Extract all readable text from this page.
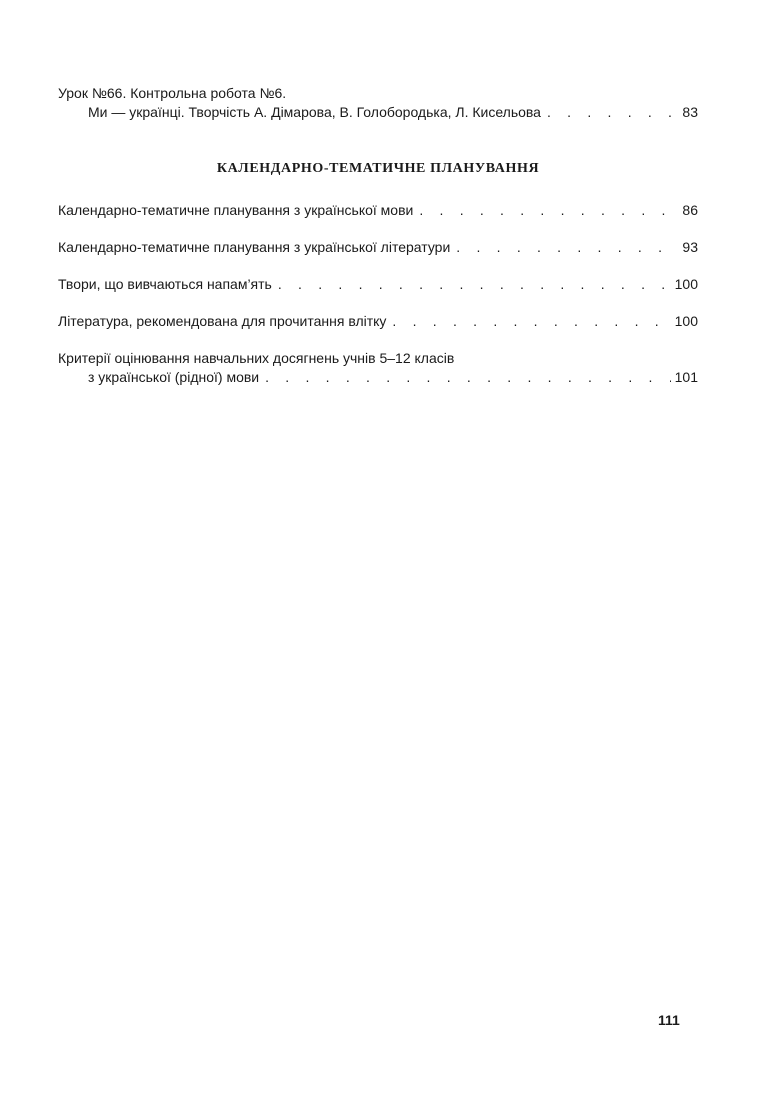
Урок №66. Контрольна робота №6.
Ми — українці. Творчість А. Дімарова, В. Голобородька, Л. Кисельова . . .	83
КАЛЕНДАРНО-ТЕМАТИЧНЕ ПЛАНУВАННЯ
Календарно-тематичне планування з української мови . . .	86
Календарно-тематичне планування з української літератури . . .	93
Твори, що вивчаються напам’ять . . .	100
Література, рекомендована для прочитання влітку . . .	100
Критерії оцінювання навчальних досягнень учнів 5–12 класів
з української (рідної) мови . . .	101
111
